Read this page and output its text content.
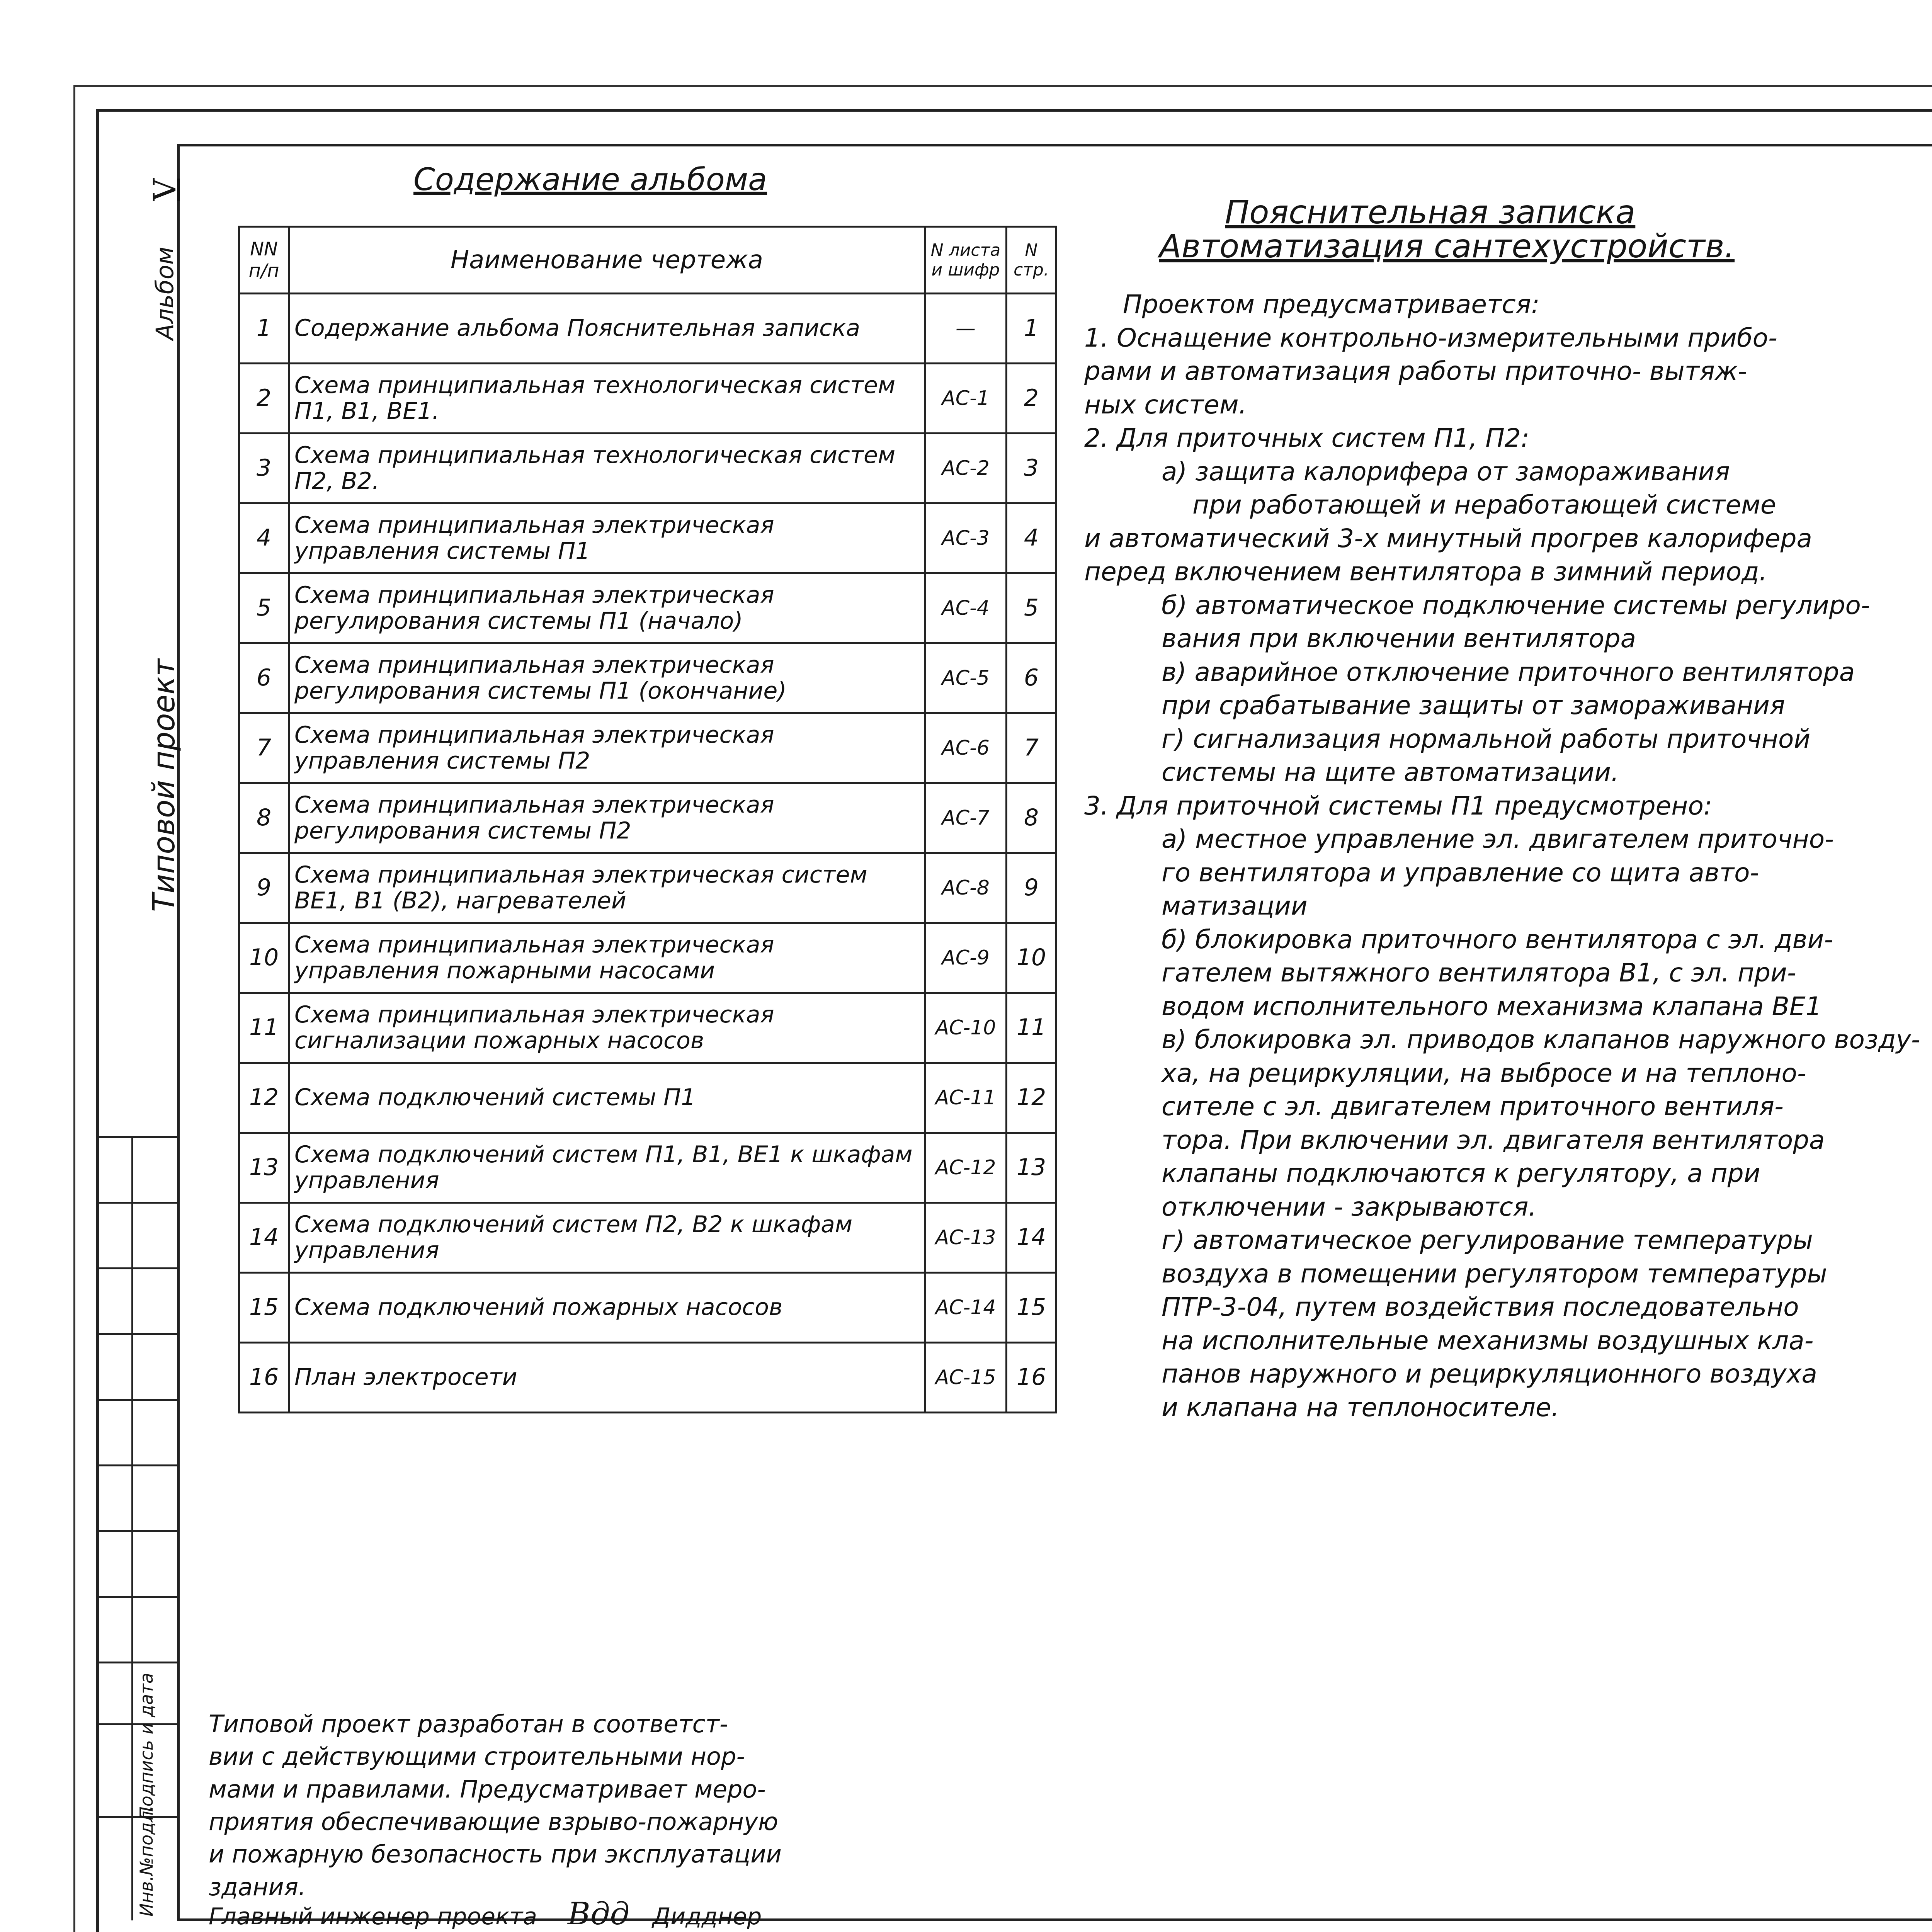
Альбом
V
Типовой проект
Подпись и дата
Инв.№подл.
Содержание альбома
NN п/п	Наименование чертежа	N листа и шифр	N стр.
1	Содержание альбома Пояснительная записка	—	1
2	Схема принципиальная технологическая систем П1, В1, ВЕ1.	АС-1	2
3	Схема принципиальная технологическая систем П2, В2.	АС-2	3
4	Схема принципиальная электрическая управления системы П1	АС-3	4
5	Схема принципиальная электрическая регулирования системы П1 (начало)	АС-4	5
6	Схема принципиальная электрическая регулирования системы П1 (окончание)	АС-5	6
7	Схема принципиальная электрическая управления системы П2	АС-6	7
8	Схема принципиальная электрическая регулирования системы П2	АС-7	8
9	Схема принципиальная электрическая систем ВЕ1, В1 (В2), нагревателей	АС-8	9
10	Схема принципиальная электрическая управления пожарными насосами	АС-9	10
11	Схема принципиальная электрическая сигнализации пожарных насосов	АС-10	11
12	Схема подключений системы П1	АС-11	12
13	Схема подключений систем П1, В1, ВЕ1 к шкафам управления	АС-12	13
14	Схема подключений систем П2, В2 к шкафам управления	АС-13	14
15	Схема подключений пожарных насосов	АС-14	15
16	План электросети	АС-15	16
Пояснительная записка
Автоматизация сантехустройств.

Проектом предусматривается:

1. Оснащение контрольно-измерительными прибо-

рами и автоматизация работы приточно- вытяж-

ных систем.

2. Для приточных систем П1, П2:

а) защита калорифера от замораживания

при работающей и неработающей системе

и автоматический 3-х минутный прогрев калорифера

перед включением вентилятора в зимний период.

б) автоматическое подключение системы регулиро-

вания при включении вентилятора

в) аварийное отключение приточного вентилятора

при срабатывание защиты от замораживания

г) сигнализация нормальной работы приточной

системы на щите автоматизации.

3. Для приточной системы П1 предусмотрено:

а) местное управление эл. двигателем приточно-

го вентилятора и управление со щита авто-

матизации

б) блокировка приточного вентилятора с эл. дви-

гателем вытяжного вентилятора В1, с эл. при-

водом исполнительного механизма клапана ВЕ1

в) блокировка эл. приводов клапанов наружного возду-

ха, на рециркуляции, на выбросе и на теплоно-

сителе с эл. двигателем приточного вентиля-

тора. При включении эл. двигателя вентилятора

клапаны подключаются к регулятору, а при

отключении - закрываются.

г) автоматическое регулирование температуры

воздуха в помещении регулятором температуры

ПТР-3-04, путем воздействия последовательно

на исполнительные механизмы воздушных кла-

панов наружного и рециркуляционного воздуха

и клапана на теплоносителе.

Типовой проект разработан в соответст-

вии с действующими строительными нор-

мами и правилами. Предусматривает меро-

приятия обеспечивающие взрыво-пожарную

и пожарную безопасность при эксплуатации

здания.

Главный инженер проекта Вдд Дидднер
